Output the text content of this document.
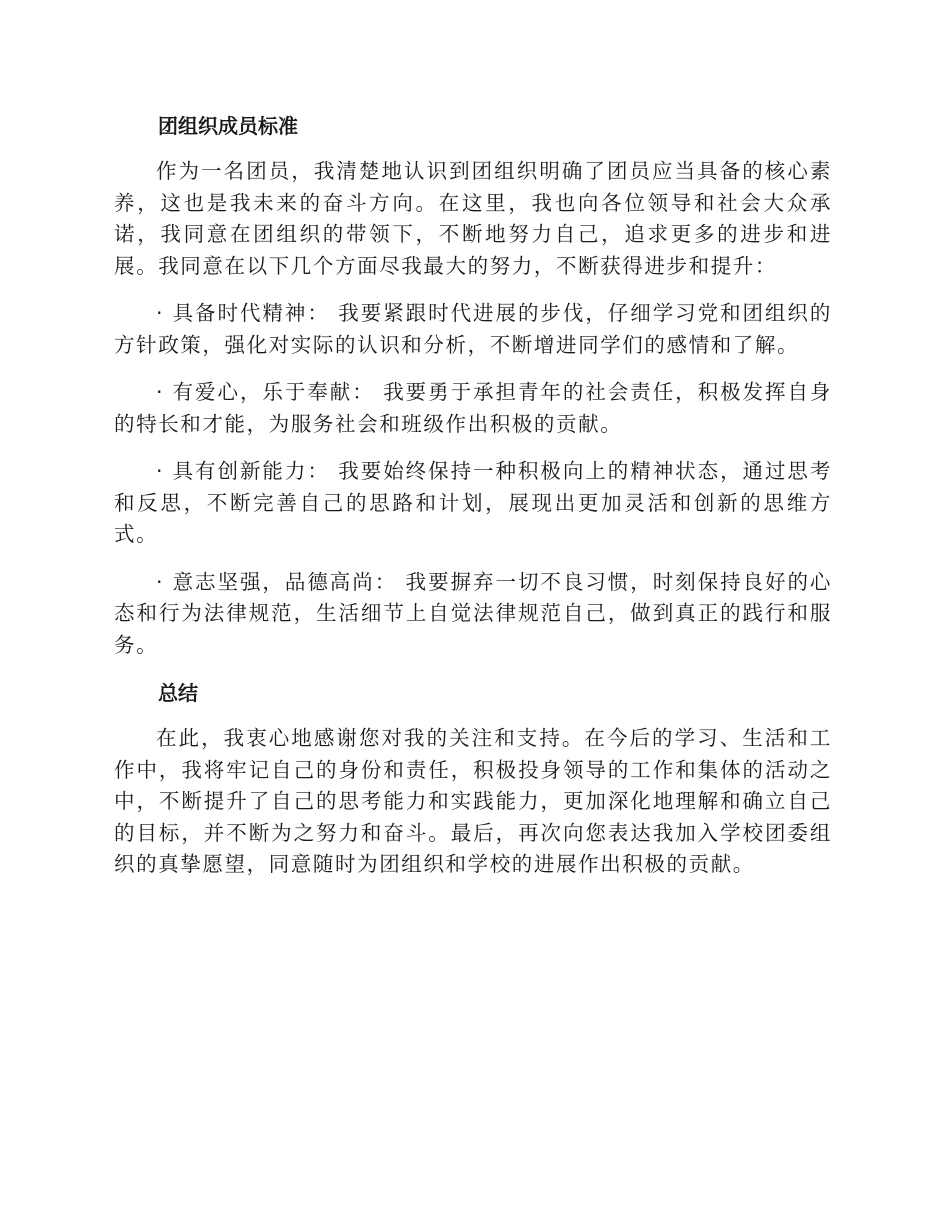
团组织成员标准

作为一名团员，我清楚地认识到团组织明确了团员应当具备的核心素养，这也是我未来的奋斗方向。在这里，我也向各位领导和社会大众承诺，我同意在团组织的带领下，不断地努力自己，追求更多的进步和进展。我同意在以下几个方面尽我最大的努力，不断获得进步和提升：

· 具备时代精神： 我要紧跟时代进展的步伐，仔细学习党和团组织的方针政策，强化对实际的认识和分析，不断增进同学们的感情和了解。

· 有爱心，乐于奉献： 我要勇于承担青年的社会责任，积极发挥自身的特长和才能，为服务社会和班级作出积极的贡献。

· 具有创新能力： 我要始终保持一种积极向上的精神状态，通过思考和反思，不断完善自己的思路和计划，展现出更加灵活和创新的思维方式。

· 意志坚强，品德高尚： 我要摒弃一切不良习惯，时刻保持良好的心态和行为法律规范，生活细节上自觉法律规范自己，做到真正的践行和服务。

总结

在此，我衷心地感谢您对我的关注和支持。在今后的学习、生活和工作中，我将牢记自己的身份和责任，积极投身领导的工作和集体的活动之中，不断提升了自己的思考能力和实践能力，更加深化地理解和确立自己的目标，并不断为之努力和奋斗。最后，再次向您表达我加入学校团委组织的真挚愿望，同意随时为团组织和学校的进展作出积极的贡献。
